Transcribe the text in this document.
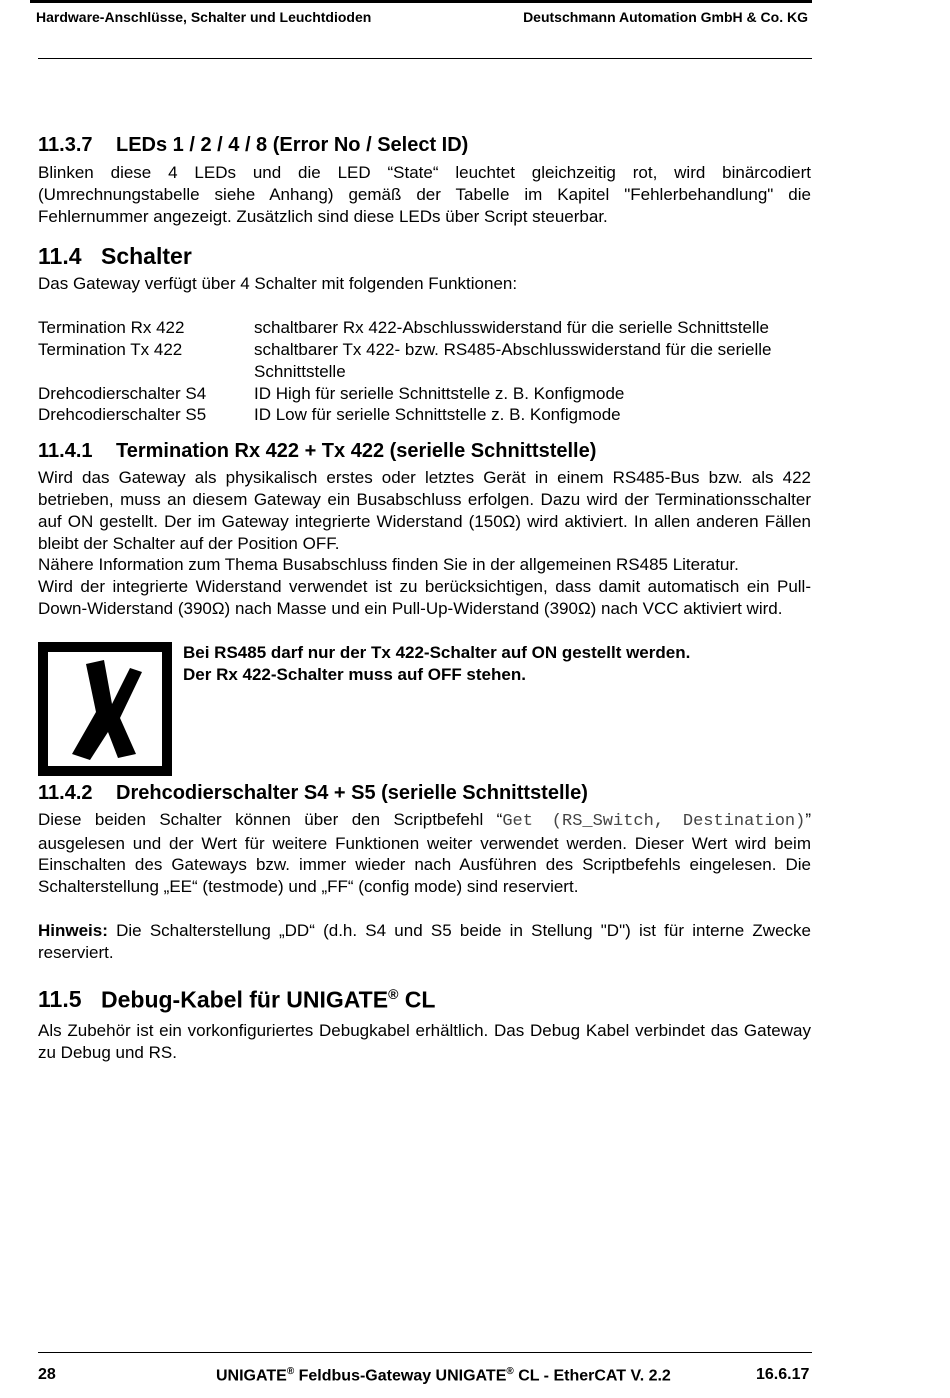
Hardware-Anschlüsse, Schalter und Leuchtdioden	Deutschmann Automation GmbH & Co. KG
11.3.7 LEDs 1 / 2 / 4 / 8 (Error No / Select ID)

Blinken diese 4 LEDs und die LED “State“ leuchtet gleichzeitig rot, wird binärcodiert (Umrechnungstabelle siehe Anhang) gemäß der Tabelle im Kapitel "Fehlerbehandlung" die Fehlernummer angezeigt. Zusätzlich sind diese LEDs über Script steuerbar.

11.4 Schalter

Das Gateway verfügt über 4 Schalter mit folgenden Funktionen:

Termination Rx 422	schaltbarer Rx 422-Abschlusswiderstand für die serielle Schnittstelle
Termination Tx 422	schaltbarer Tx 422- bzw. RS485-Abschlusswiderstand für die serielle Schnittstelle
Drehcodierschalter S4	ID High für serielle Schnittstelle z. B. Konfigmode
Drehcodierschalter S5	ID Low für serielle Schnittstelle z. B. Konfigmode
11.4.1 Termination Rx 422 + Tx 422 (serielle Schnittstelle)

Wird das Gateway als physikalisch erstes oder letztes Gerät in einem RS485-Bus bzw. als 422 betrieben, muss an diesem Gateway ein Busabschluss erfolgen. Dazu wird der Terminationsschalter auf ON gestellt. Der im Gateway integrierte Widerstand (150Ω) wird aktiviert. In allen anderen Fällen bleibt der Schalter auf der Position OFF.

Nähere Information zum Thema Busabschluss finden Sie in der allgemeinen RS485 Literatur.

Wird der integrierte Widerstand verwendet ist zu berücksichtigen, dass damit automatisch ein Pull-Down-Widerstand (390Ω) nach Masse und ein Pull-Up-Widerstand (390Ω) nach VCC aktiviert wird.

Bei RS485 darf nur der Tx 422-Schalter auf ON gestellt werden.
Der Rx 422-Schalter muss auf OFF stehen.
11.4.2 Drehcodierschalter S4 + S5 (serielle Schnittstelle)

Diese beiden Schalter können über den Scriptbefehl “Get (RS_Switch, Destination)” ausgelesen und der Wert für weitere Funktionen weiter verwendet werden. Dieser Wert wird beim Einschalten des Gateways bzw. immer wieder nach Ausführen des Scriptbefehls eingelesen. Die Schalterstellung „EE“ (testmode) und „FF“ (config mode) sind reserviert.

Hinweis: Die Schalterstellung „DD“ (d.h. S4 und S5 beide in Stellung "D") ist für interne Zwecke reserviert.

11.5 Debug-Kabel für UNIGATE® CL

Als Zubehör ist ein vorkonfiguriertes Debugkabel erhältlich. Das Debug Kabel verbindet das Gateway zu Debug und RS.

28	UNIGATE® Feldbus-Gateway UNIGATE® CL - EtherCAT V. 2.2	16.6.17
